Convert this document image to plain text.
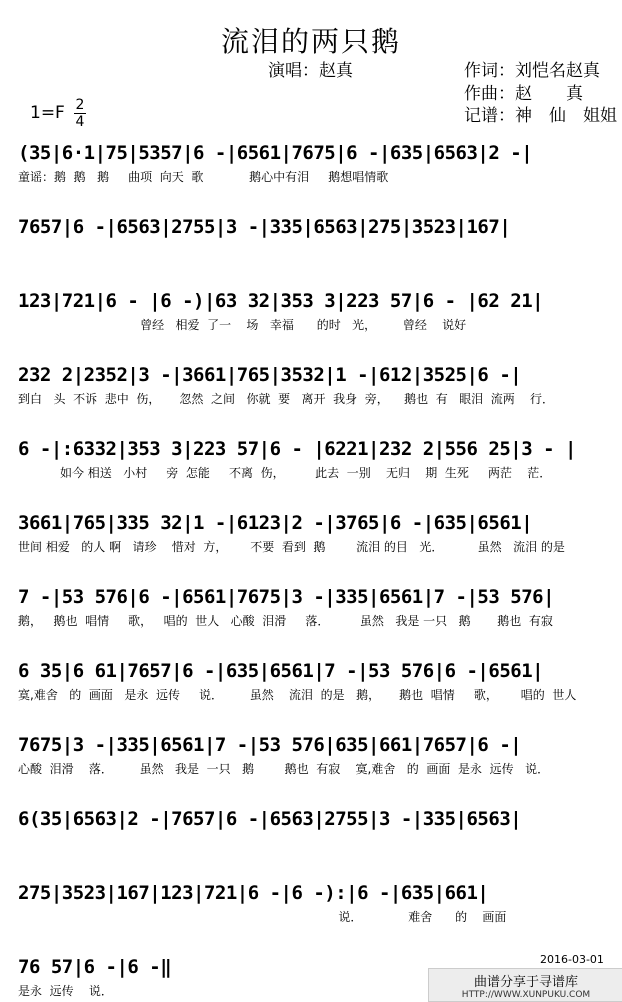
流泪的两只鹅
演唱：赵真	作词：刘恺名赵真
作曲：赵　　真
记谱：神　仙　姐姐
1=F 2
4
(35|6·1|75|5357|6 -|6561|7675|6 -|635|6563|2 -|
童谣：鹅  鹅   鹅     曲项  向天  歌            鹅心中有泪     鹅想唱情歌
7657|6 -|6563|2755|3 -|335|6563|275|3523|167|
123|721|6 - |6 -)|63 32|353 3|223 57|6 - |62 21|
曾经   相爱  了一    场   幸福      的时   光，       曾经    说好
232 2|2352|3 -|3661|765|3532|1 -|612|3525|6 -|
到白   头  不诉  悲中  伤，     忽然  之间   你就  要   离开  我身  旁，    鹅也  有   眼泪  流两    行．
6 -|:6332|353 3|223 57|6 - |6221|232 2|556 25|3 - |
如今 相送   小村     旁  怎能     不离  伤，        此去  一别    无归    期  生死     两茫    茫．
3661|765|335 32|1 -|6123|2 -|3765|6 -|635|6561|
世间 相爱   的人 啊   请珍    惜对  方，      不要  看到  鹅        流泪 的目   光．         虽然   流泪 的是
7 -|53 576|6 -|6561|7675|3 -|335|6561|7 -|53 576|
鹅，   鹅也  唱情     歌，   唱的  世人   心酸  泪滑     落．        虽然   我是 一只   鹅       鹅也  有寂
6 35|6 61|7657|6 -|635|6561|7 -|53 576|6 -|6561|
寞,难舍   的  画面   是永  远传     说．       虽然    流泪  的是   鹅，     鹅也  唱情     歌，      唱的  世人
7675|3 -|335|6561|7 -|53 576|635|661|7657|6 -|
心酸  泪滑    落．       虽然   我是  一只   鹅        鹅也  有寂    寞,难舍   的  画面  是永  远传   说．
6(35|6563|2 -|7657|6 -|6563|2755|3 -|335|6563|
275|3523|167|123|721|6 -|6 -):|6 -|635|661|
说．            难舍      的    画面
76 57|6 -|6 -‖
是永  远传    说．
2016-03-01
曲谱分享于寻谱库
HTTP://WWW.XUNPUKU.COM
